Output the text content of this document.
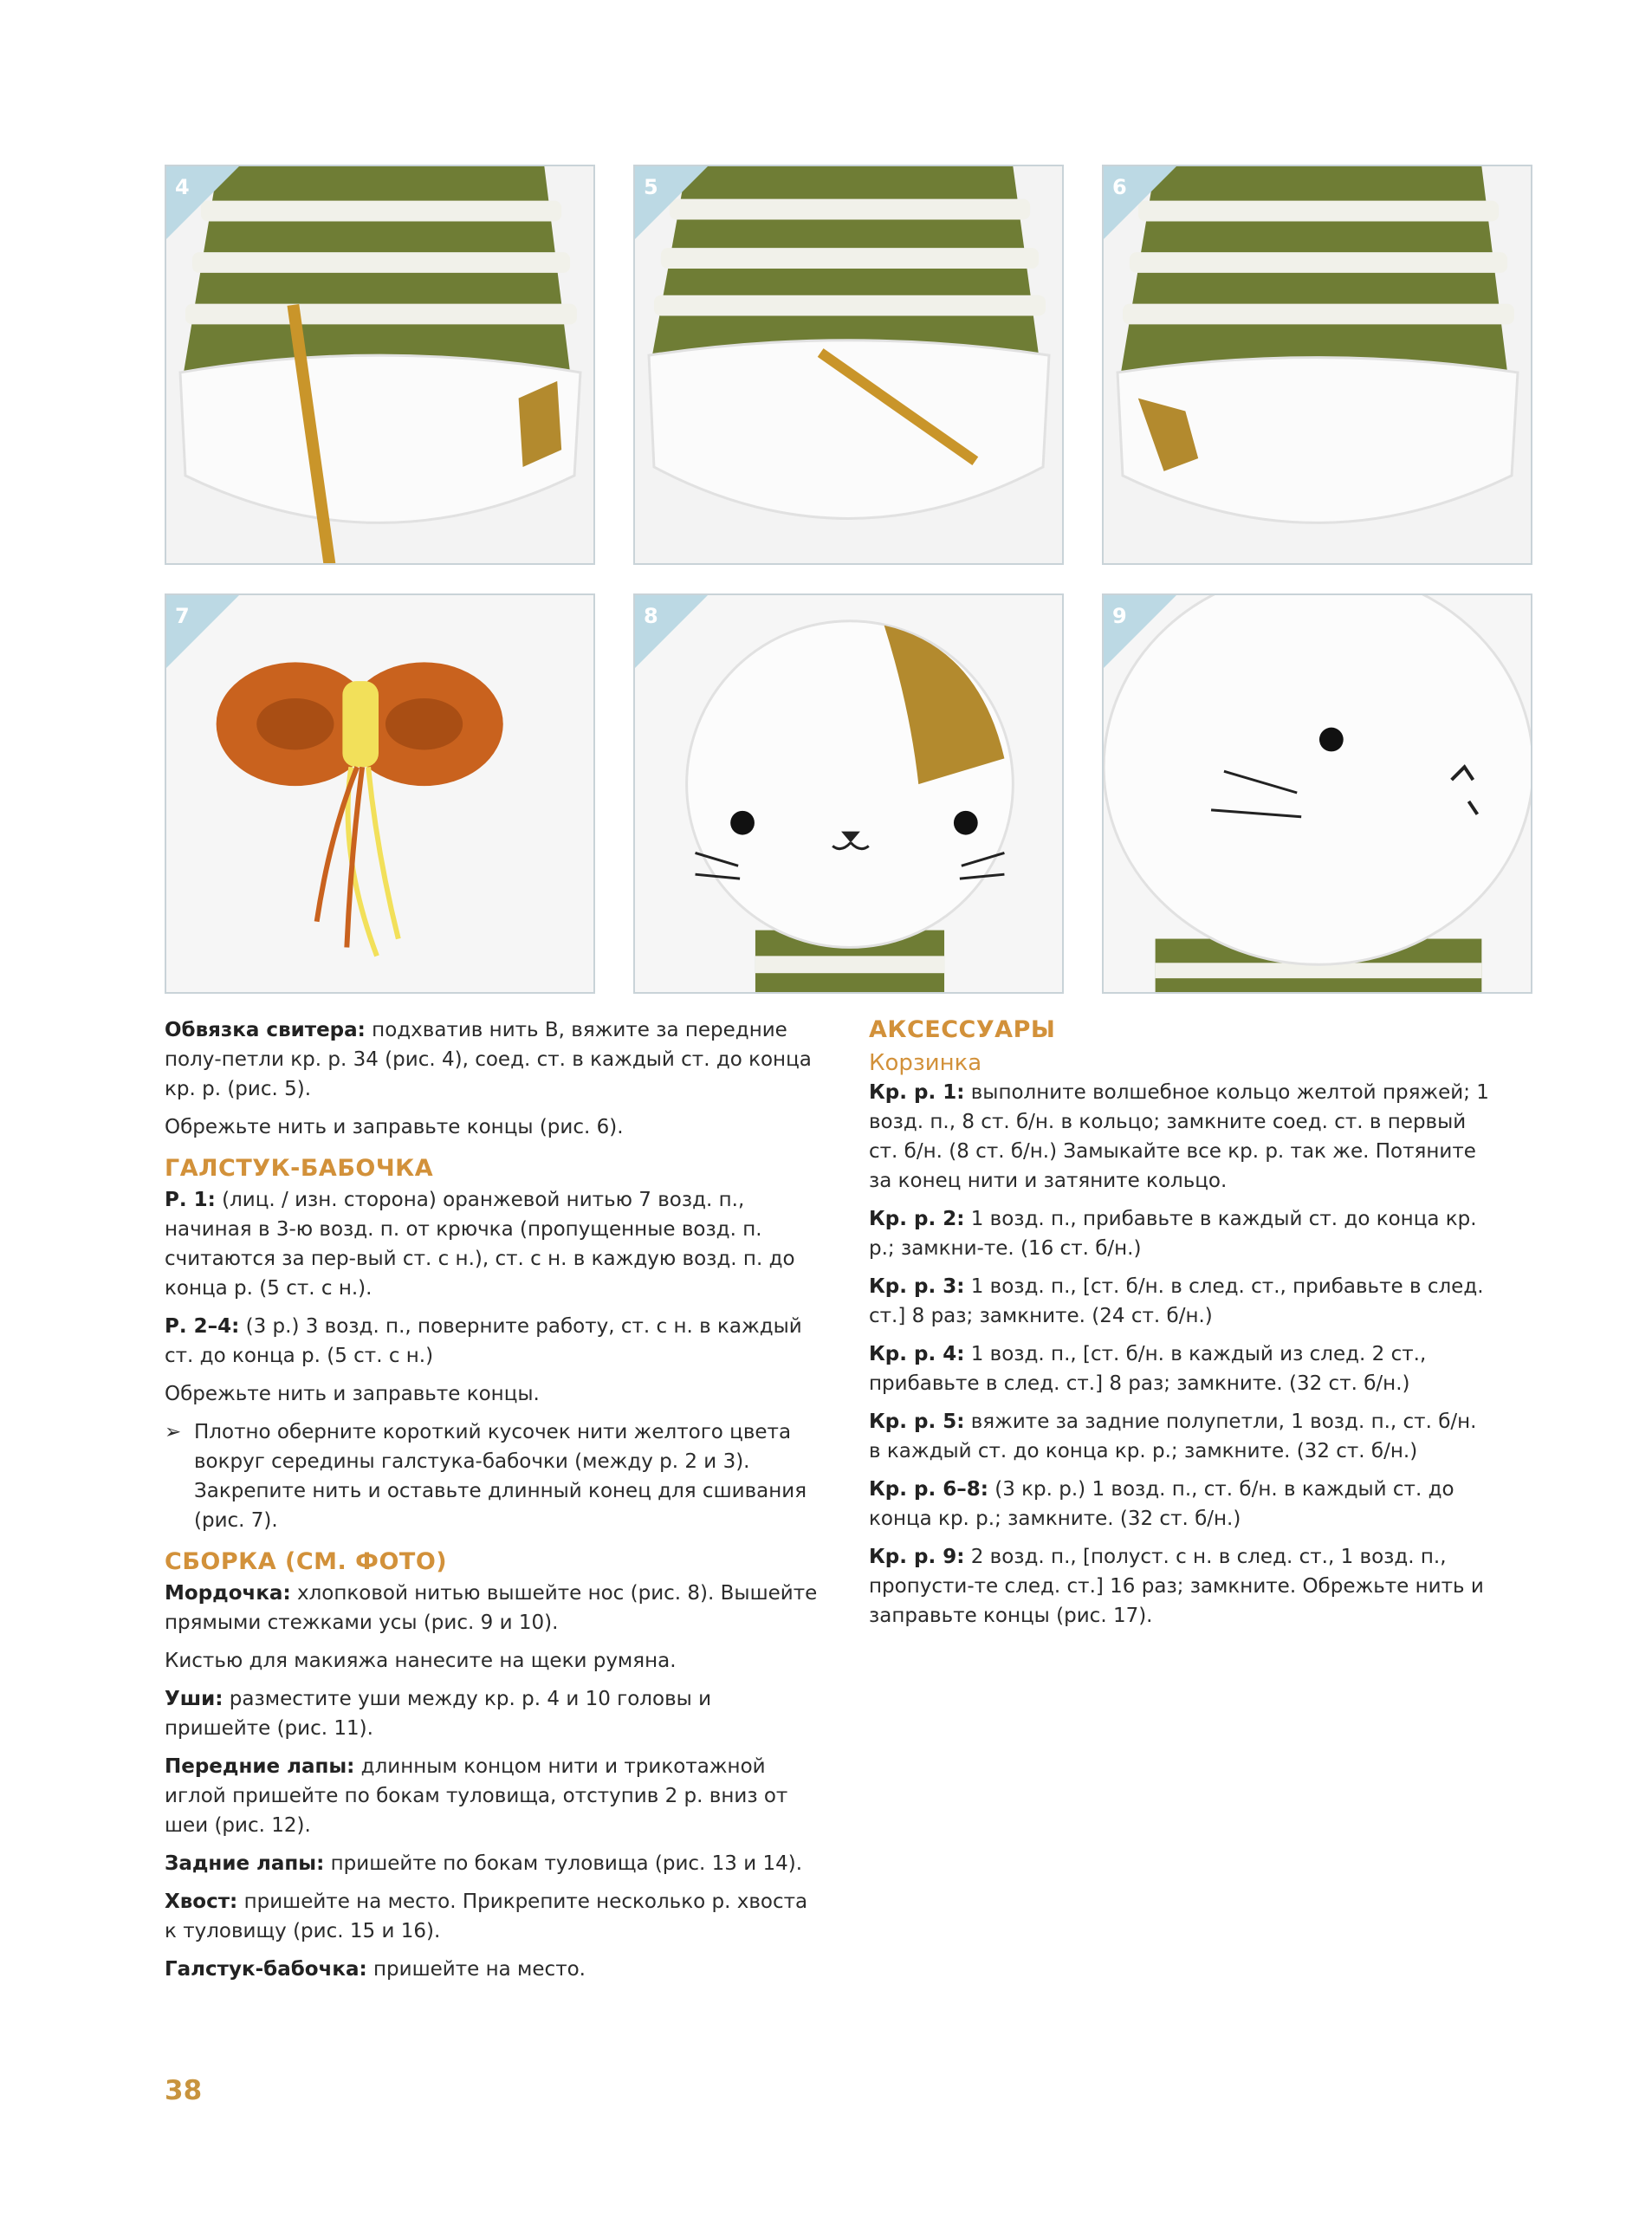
4	5	6
7	8	9

Обвязка свитера: подхватив нить B, вяжите за передние полу-петли кр. р. 34 (рис. 4), соед. ст. в каждый ст. до конца кр. р. (рис. 5).

Обрежьте нить и заправьте концы (рис. 6).

ГАЛСТУК-БАБОЧКА

Р. 1: (лиц. / изн. сторона) оранжевой нитью 7 возд. п., начиная в 3-ю возд. п. от крючка (пропущенные возд. п. считаются за пер-вый ст. с н.), ст. с н. в каждую возд. п. до конца р. (5 ст. с н.).

Р. 2–4: (3 р.) 3 возд. п., поверните работу, ст. с н. в каждый ст. до конца р. (5 ст. с н.)

Обрежьте нить и заправьте концы.

➢ Плотно оберните короткий кусочек нити желтого цвета вокруг середины галстука-бабочки (между р. 2 и 3). Закрепите нить и оставьте длинный конец для сшивания (рис. 7).

СБОРКА (СМ. ФОТО)

Мордочка: хлопковой нитью вышейте нос (рис. 8). Вышейте прямыми стежками усы (рис. 9 и 10).

Кистью для макияжа нанесите на щеки румяна.

Уши: разместите уши между кр. р. 4 и 10 головы и пришейте (рис. 11).

Передние лапы: длинным концом нити и трикотажной иглой пришейте по бокам туловища, отступив 2 р. вниз от шеи (рис. 12).

Задние лапы: пришейте по бокам туловища (рис. 13 и 14).

Хвост: пришейте на место. Прикрепите несколько р. хвоста к туловищу (рис. 15 и 16).

Галстук-бабочка: пришейте на место.

АКСЕССУАРЫ
Корзинка

Кр. р. 1: выполните волшебное кольцо желтой пряжей; 1 возд. п., 8 ст. б/н. в кольцо; замкните соед. ст. в первый ст. б/н. (8 ст. б/н.) Замыкайте все кр. р. так же. Потяните за конец нити и затяните кольцо.

Кр. р. 2: 1 возд. п., прибавьте в каждый ст. до конца кр. р.; замкни-те. (16 ст. б/н.)

Кр. р. 3: 1 возд. п., [ст. б/н. в след. ст., прибавьте в след. ст.] 8 раз; замкните. (24 ст. б/н.)

Кр. р. 4: 1 возд. п., [ст. б/н. в каждый из след. 2 ст., прибавьте в след. ст.] 8 раз; замкните. (32 ст. б/н.)

Кр. р. 5: вяжите за задние полупетли, 1 возд. п., ст. б/н. в каждый ст. до конца кр. р.; замкните. (32 ст. б/н.)

Кр. р. 6–8: (3 кр. р.) 1 возд. п., ст. б/н. в каждый ст. до конца кр. р.; замкните. (32 ст. б/н.)

Кр. р. 9: 2 возд. п., [полуст. с н. в след. ст., 1 возд. п., пропусти-те след. ст.] 16 раз; замкните. Обрежьте нить и заправьте концы (рис. 17).

38
